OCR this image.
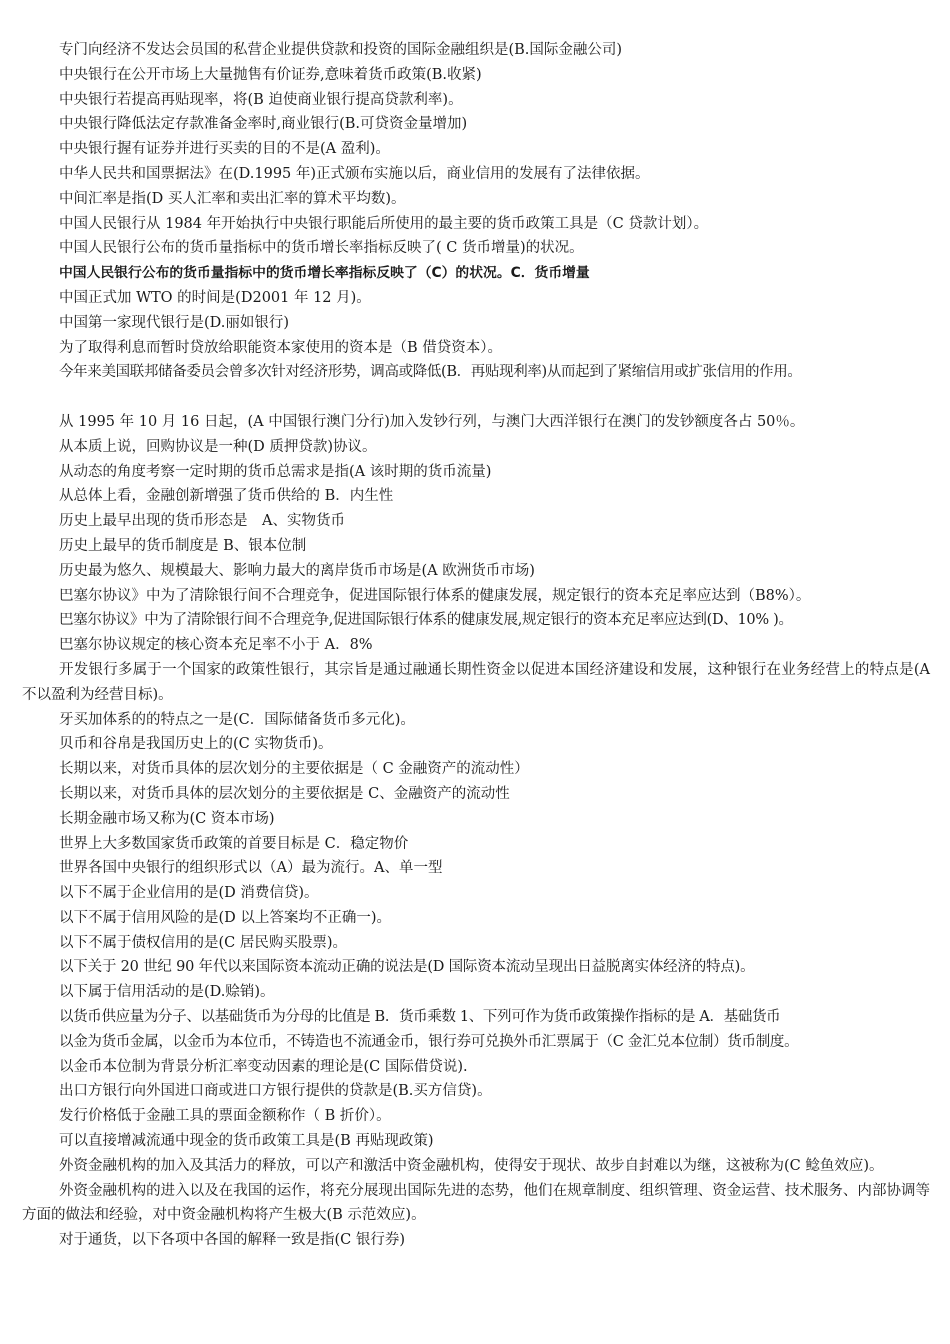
专门向经济不发达会员国的私营企业提供贷款和投资的国际金融组织是(B.国际金融公司)

中央银行在公开市场上大量抛售有价证券,意味着货币政策(B.收紧)

中央银行若提高再贴现率，将(B 迫使商业银行提高贷款利率)。

中央银行降低法定存款准备金率时,商业银行(B.可贷资金量增加)

中央银行握有证券并进行买卖的目的不是(A 盈利)。

中华人民共和国票据法》在(D.1995 年)正式颁布实施以后，商业信用的发展有了法律依据。

中间汇率是指(D 买人汇率和卖出汇率的算术平均数)。

中国人民银行从 1984 年开始执行中央银行职能后所使用的最主要的货币政策工具是（C 贷款计划）。

中国人民银行公布的货币量指标中的货币增长率指标反映了( C 货币增量)的状况。

中国人民银行公布的货币量指标中的货币增长率指标反映了（C）的状况。C．货币增量

中国正式加 WTO 的时间是(D2001 年 12 月)。

中国第一家现代银行是(D.丽如银行)

为了取得利息而暂时贷放给职能资本家使用的资本是（B 借贷资本）。

今年来美国联邦储备委员会曾多次针对经济形势，调高或降低(B．再贴现利率)从而起到了紧缩信用或扩张信用的作用。

从 1995 年 10 月 16 日起，(A 中国银行澳门分行)加入发钞行列，与澳门大西洋银行在澳门的发钞额度各占 50％。

从本质上说，回购协议是一种(D 质押贷款)协议。

从动态的角度考察一定时期的货币总需求是指(A 该时期的货币流量)

从总体上看，金融创新增强了货币供给的 B．内生性

历史上最早出现的货币形态是　A、实物货币

历史上最早的货币制度是 B、银本位制

历史最为悠久、规模最大、影响力最大的离岸货币市场是(A 欧洲货币市场)

巴塞尔协议》中为了清除银行间不合理竞争，促进国际银行体系的健康发展，规定银行的资本充足率应达到（B8%）。

巴塞尔协议》中为了清除银行间不合理竞争,促进国际银行体系的健康发展,规定银行的资本充足率应达到(D、10% )。

巴塞尔协议规定的核心资本充足率不小于 A．8%

开发银行多属于一个国家的政策性银行，其宗旨是通过融通长期性资金以促进本国经济建设和发展，这种银行在业务经营上的特点是(A 不以盈利为经营目标)。

牙买加体系的的特点之一是(C．国际储备货币多元化)。

贝币和谷帛是我国历史上的(C 实物货币)。

长期以来，对货币具体的层次划分的主要依据是（ C 金融资产的流动性）

长期以来，对货币具体的层次划分的主要依据是 C、金融资产的流动性

长期金融市场又称为(C 资本市场)

世界上大多数国家货币政策的首要目标是 C．稳定物价

世界各国中央银行的组织形式以（A）最为流行。A、单一型

以下不属于企业信用的是(D 消费信贷)。

以下不属于信用风险的是(D 以上答案均不正确一)。

以下不属于债权信用的是(C 居民购买股票)。

以下关于 20 世纪 90 年代以来国际资本流动正确的说法是(D 国际资本流动呈现出日益脱离实体经济的特点)。

以下属于信用活动的是(D.赊销)。

以货币供应量为分子、以基础货币为分母的比值是 B．货币乘数 1、下列可作为货币政策操作指标的是 A．基础货币

以金为货币金属，以金币为本位币，不铸造也不流通金币，银行券可兑换外币汇票属于（C 金汇兑本位制）货币制度。

以金币本位制为背景分析汇率变动因素的理论是(C 国际借贷说).

出口方银行向外国进口商或进口方银行提供的贷款是(B.买方信贷)。

发行价格低于金融工具的票面金额称作（ B 折价）。

可以直接增减流通中现金的货币政策工具是(B 再贴现政策)

外资金融机构的加入及其活力的释放，可以产和激活中资金融机构，使得安于现状、故步自封难以为继，这被称为(C 鲶鱼效应)。

外资金融机构的进入以及在我国的运作，将充分展现出国际先进的态势，他们在规章制度、组织管理、资金运营、技术服务、内部协调等方面的做法和经验，对中资金融机构将产生极大(B 示范效应)。

对于通货，以下各项中各国的解释一致是指(C 银行券)
